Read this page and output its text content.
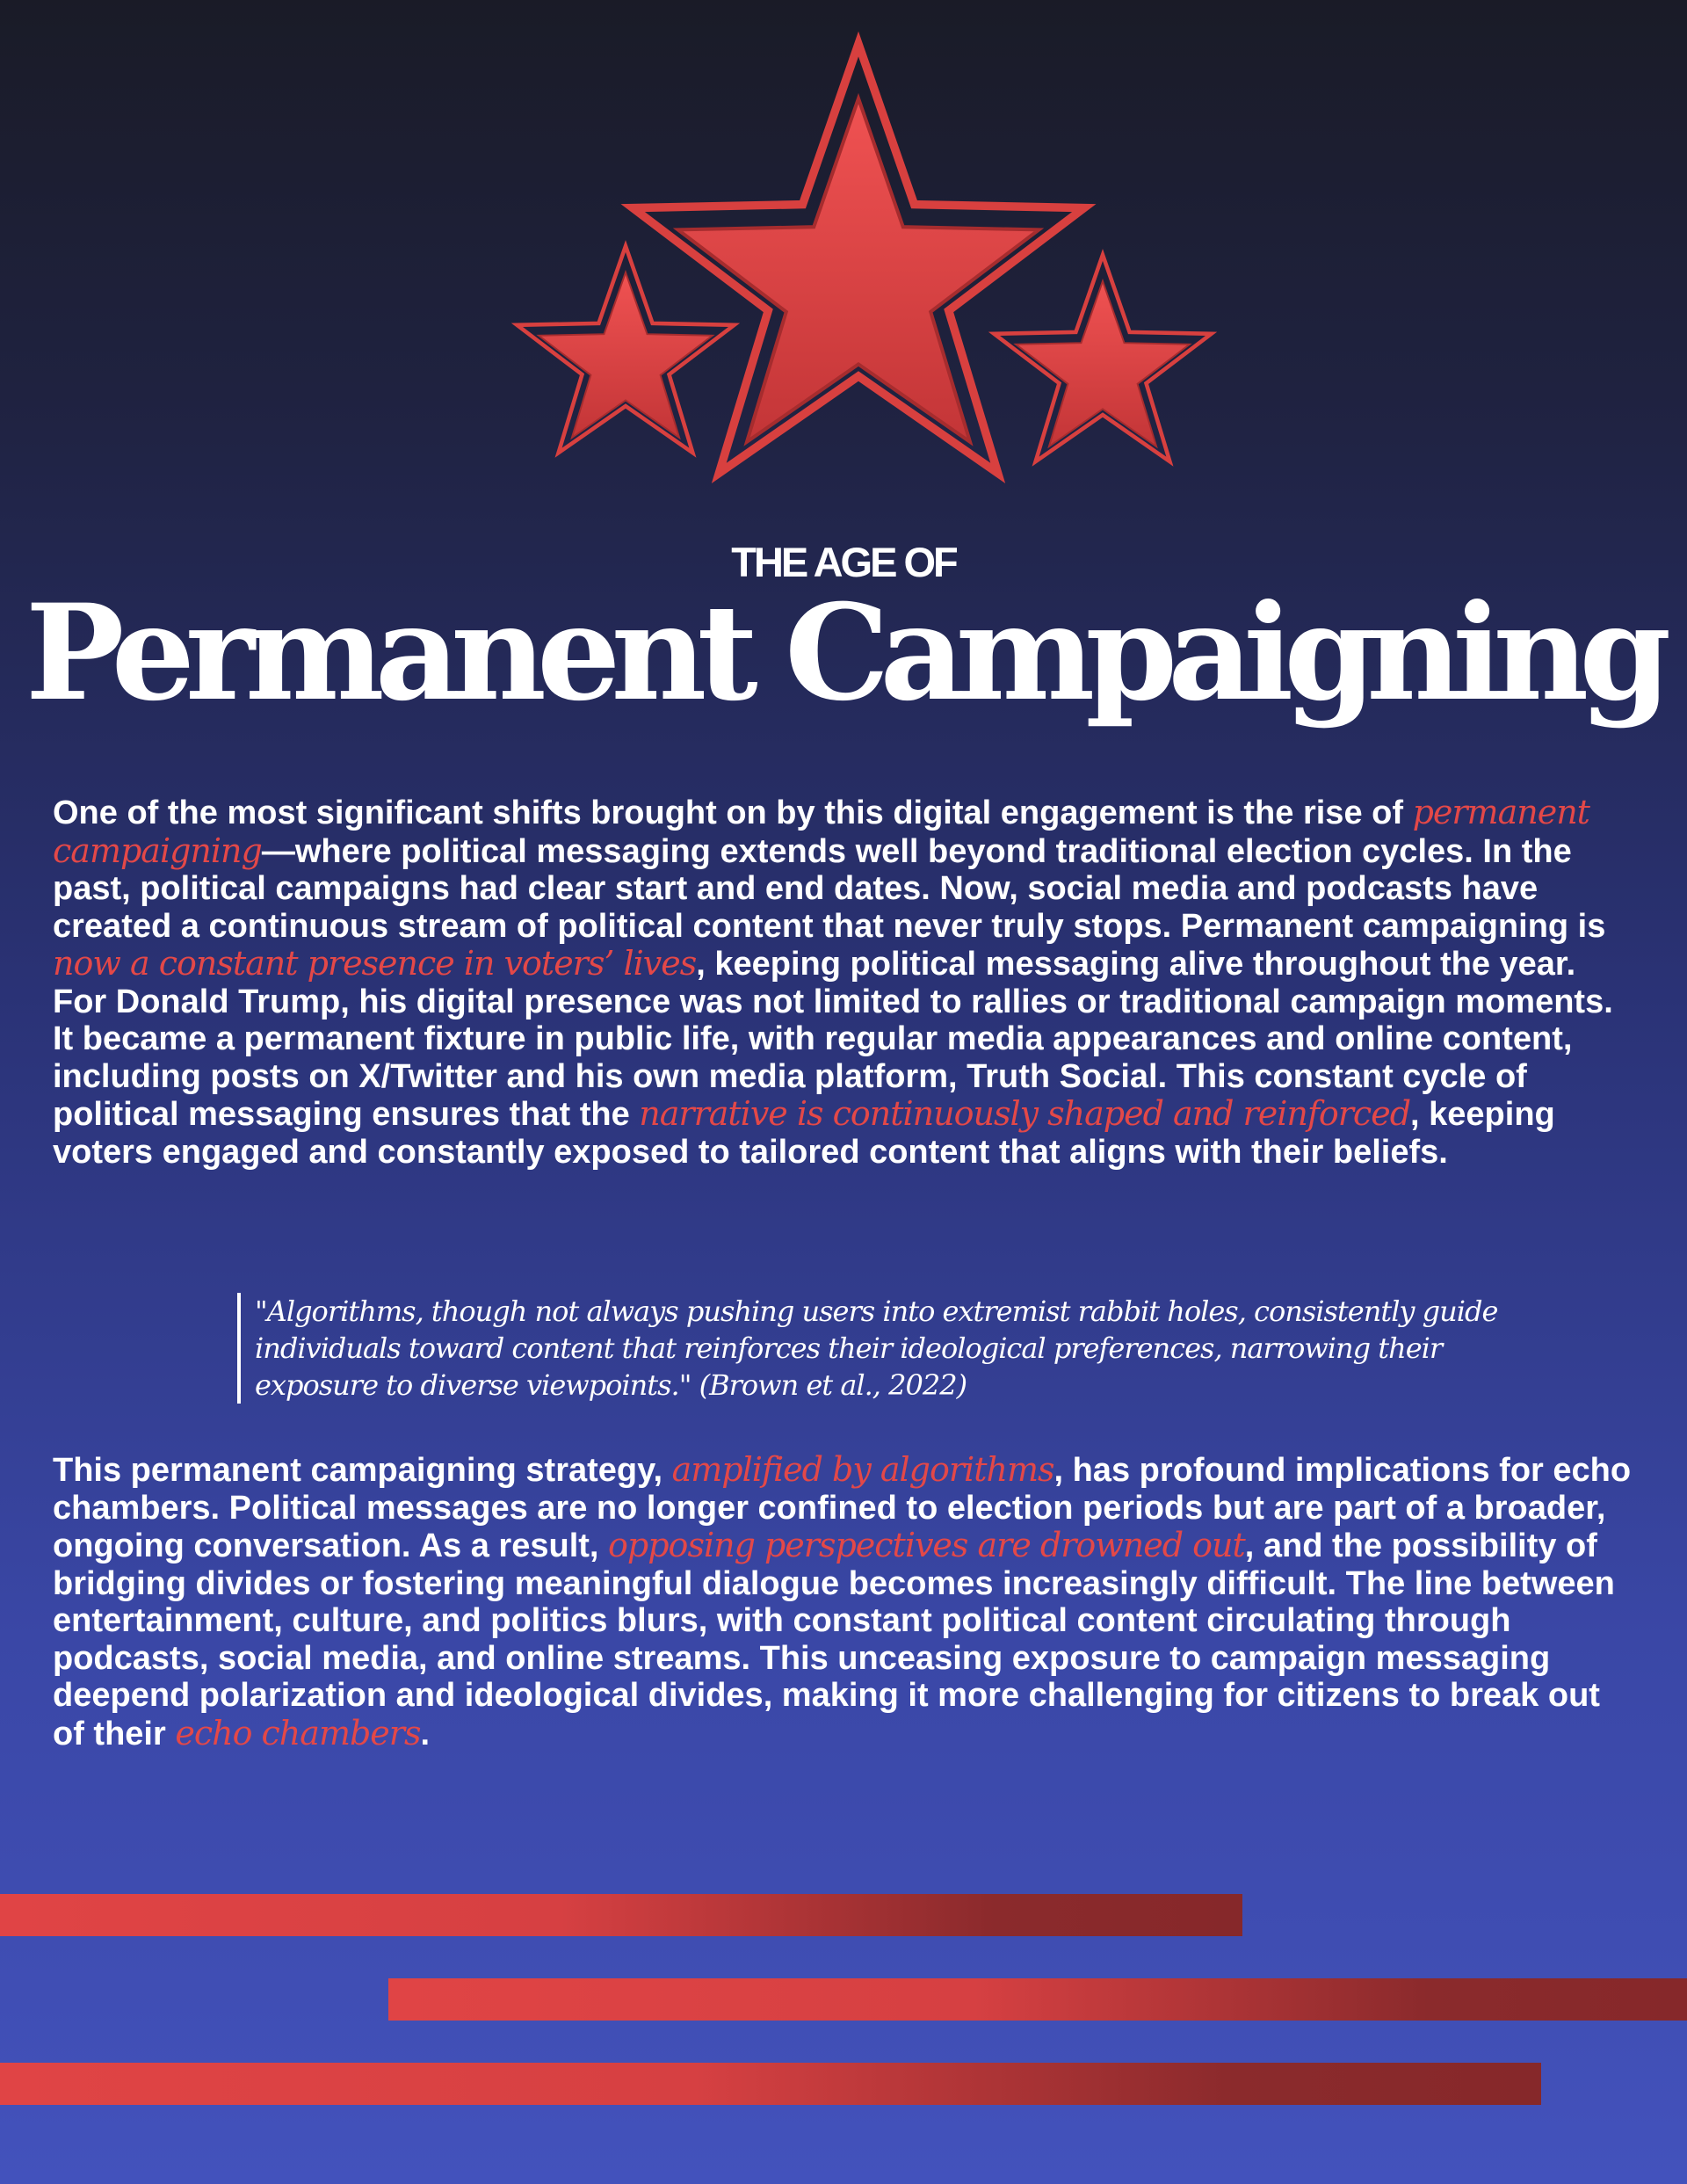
THE AGE OF
Permanent Campaigning

One of the most significant shifts brought on by this digital engagement is the rise of permanent campaigning—where political messaging extends well beyond traditional election cycles. In the past, political campaigns had clear start and end dates. Now, social media and podcasts have created a continuous stream of political content that never truly stops. Permanent campaigning is now a constant presence in voters’ lives, keeping political messaging alive throughout the year. For Donald Trump, his digital presence was not limited to rallies or traditional campaign moments. It became a permanent fixture in public life, with regular media appearances and online content, including posts on X/Twitter and his own media platform, Truth Social. This constant cycle of political messaging ensures that the narrative is continuously shaped and reinforced, keeping voters engaged and constantly exposed to tailored content that aligns with their beliefs.

"Algorithms, though not always pushing users into extremist rabbit holes, consistently guide individuals toward content that reinforces their ideological preferences, narrowing their exposure to diverse viewpoints." (Brown et al., 2022)

This permanent campaigning strategy, amplified by algorithms, has profound implications for echo chambers. Political messages are no longer confined to election periods but are part of a broader, ongoing conversation. As a result, opposing perspectives are drowned out, and the possibility of bridging divides or fostering meaningful dialogue becomes increasingly difficult. The line between entertainment, culture, and politics blurs, with constant political content circulating through podcasts, social media, and online streams. This unceasing exposure to campaign messaging deepend polarization and ideological divides, making it more challenging for citizens to break out of their echo chambers.
